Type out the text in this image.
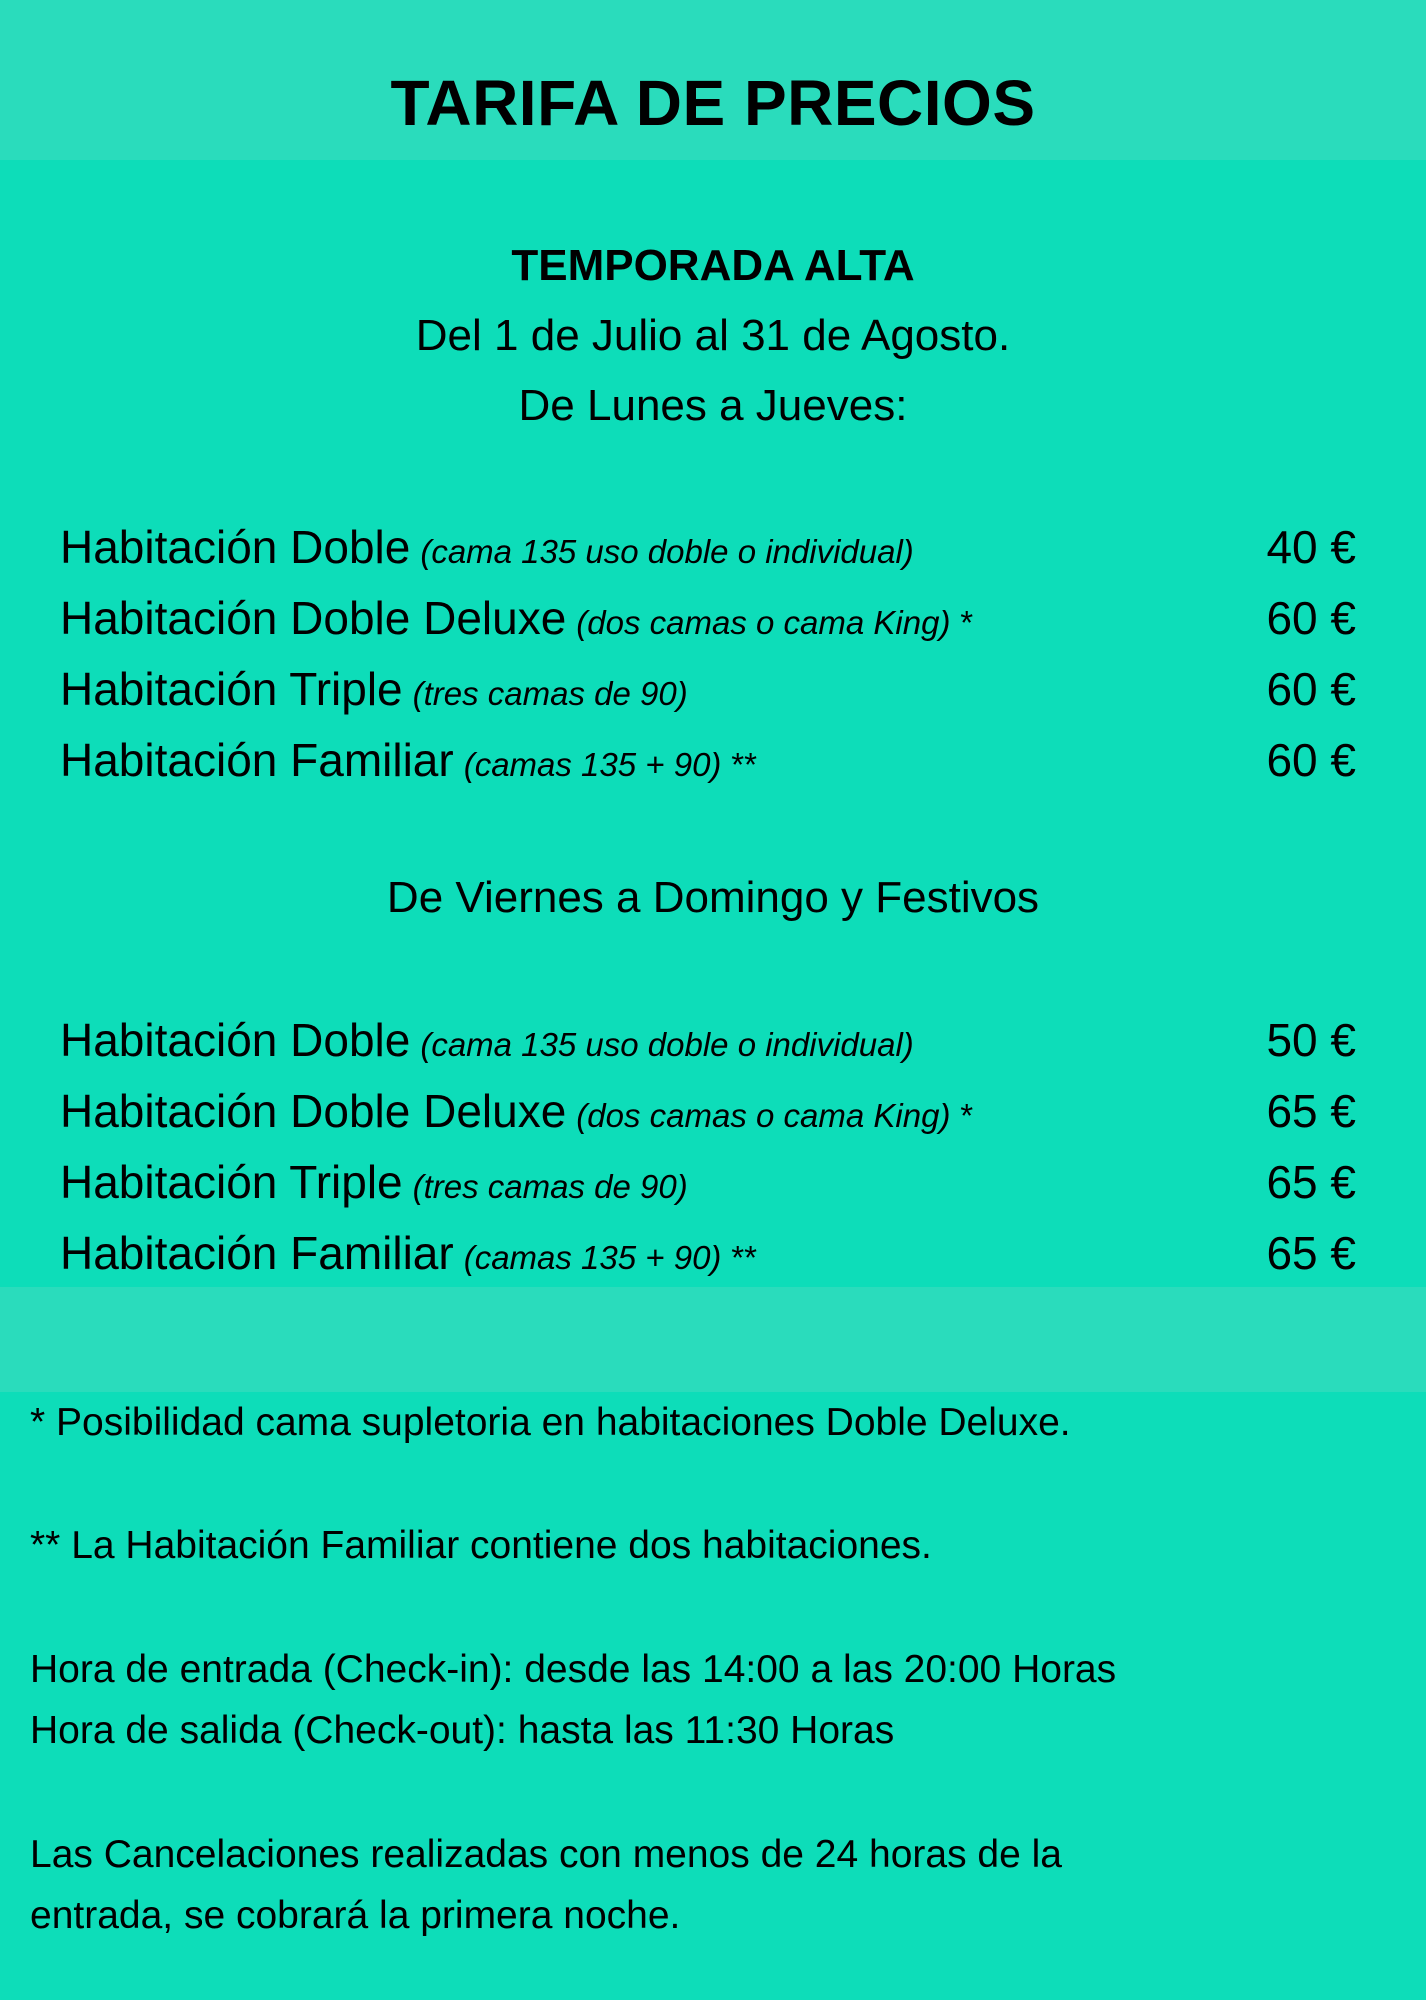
TARIFA DE PRECIOS
TEMPORADA ALTA
Del 1 de Julio al 31 de Agosto.
De Lunes a Jueves:
Habitación Doble (cama 135 uso doble o individual)	40 €
Habitación Doble Deluxe (dos camas o cama King) *	60 €
Habitación Triple (tres camas de 90)	60 €
Habitación Familiar (camas 135 + 90) **	60 €
De Viernes a Domingo y Festivos
Habitación Doble (cama 135 uso doble o individual)	50 €
Habitación Doble Deluxe (dos camas o cama King) *	65 €
Habitación Triple (tres camas de 90)	65 €
Habitación Familiar (camas 135 + 90) **	65 €
* Posibilidad cama supletoria en habitaciones Doble Deluxe.
** La Habitación Familiar contiene dos habitaciones.
Hora de entrada (Check-in): desde las 14:00 a las 20:00 Horas
Hora de salida (Check-out): hasta las 11:30 Horas
Las Cancelaciones realizadas con menos de 24 horas de la
entrada, se cobrará la primera noche.
